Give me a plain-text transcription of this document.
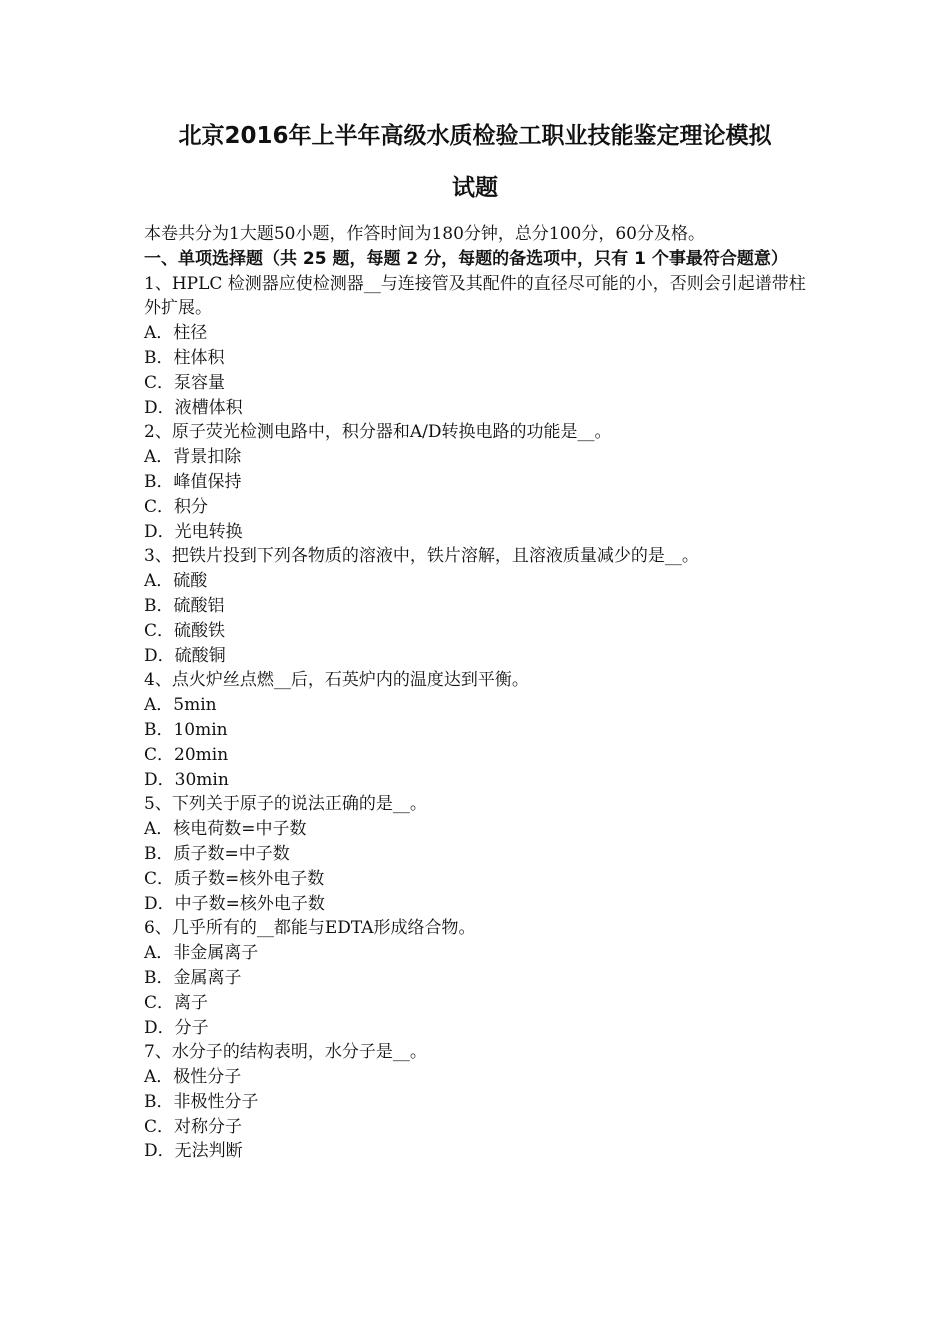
北京2016年上半年高级水质检验工职业技能鉴定理论模拟
试题

本卷共分为1大题50小题，作答时间为180分钟，总分100分，60分及格。

一、单项选择题（共 25 题，每题 2 分，每题的备选项中，只有 1 个事最符合题意）

1、HPLC 检测器应使检测器__与连接管及其配件的直径尽可能的小，否则会引起谱带柱外扩展。

A．柱径

B．柱体积

C．泵容量

D．液槽体积

2、原子荧光检测电路中，积分器和A/D转换电路的功能是__。

A．背景扣除

B．峰值保持

C．积分

D．光电转换

3、把铁片投到下列各物质的溶液中，铁片溶解，且溶液质量减少的是__。

A．硫酸

B．硫酸铝

C．硫酸铁

D．硫酸铜

4、点火炉丝点燃__后，石英炉内的温度达到平衡。

A．5min

B．10min

C．20min

D．30min

5、下列关于原子的说法正确的是__。

A．核电荷数=中子数

B．质子数=中子数

C．质子数=核外电子数

D．中子数=核外电子数

6、几乎所有的__都能与EDTA形成络合物。

A．非金属离子

B．金属离子

C．离子

D．分子

7、水分子的结构表明，水分子是__。

A．极性分子

B．非极性分子

C．对称分子

D．无法判断
